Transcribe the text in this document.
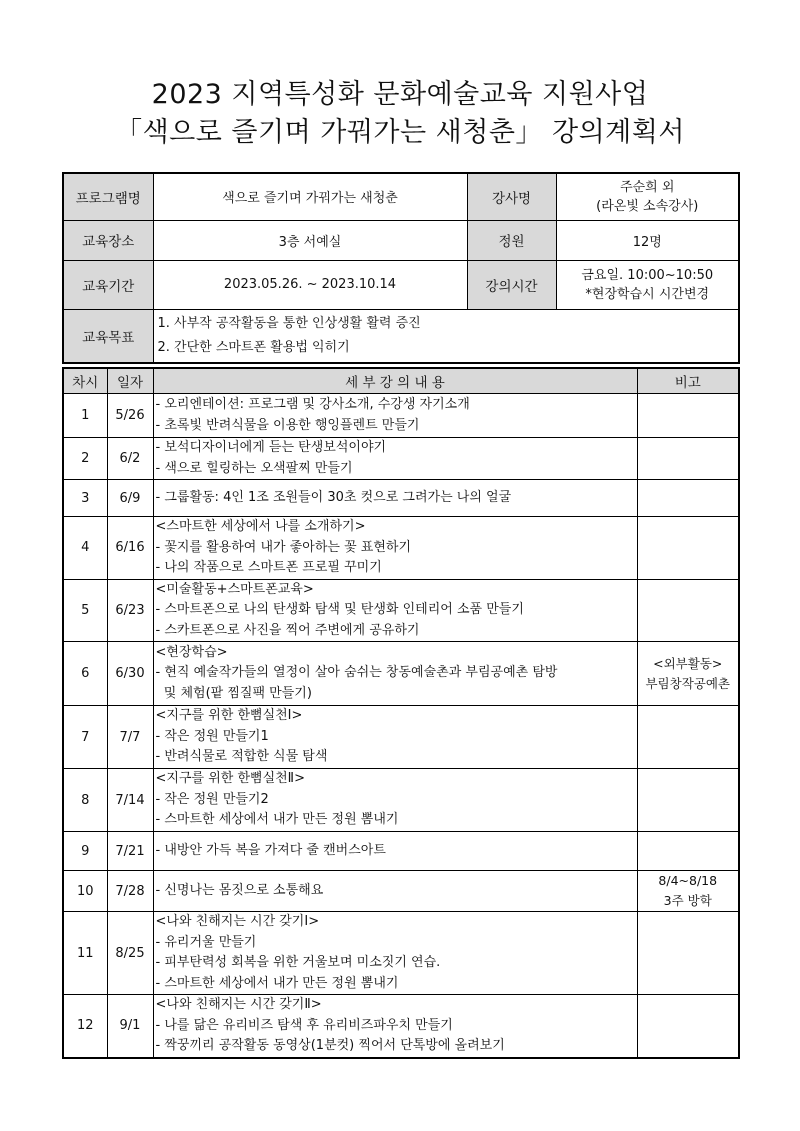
2023 지역특성화 문화예술교육 지원사업
「색으로 즐기며 가꿔가는 새청춘」 강의계획서
프로그램명	색으로 즐기며 가꿔가는 새청춘	강사명	주순희 외
(라온빛 소속강사)

교육장소	3층 서예실	정원	12명
교육기간	2023.05.26. ~ 2023.10.14	강의시간	금요일. 10:00~10:50
*현장학습시 시간변경

교육목표	1. 사부작 공작활동을 통한 인상생활 활력 증진
2. 간단한 스마트폰 활용법 익히기		
차시	일자	세 부 강 의 내 용	비고
1	5/26	- 오리엔테이션: 프로그램 및 강사소개, 수강생 자기소개
- 초록빛 반려식물을 이용한 행잉플렌트 만들기	

2	6/2	- 보석디자이너에게 듣는 탄생보석이야기
- 색으로 힐링하는 오색팔찌 만들기	

3	6/9	- 그룹활동: 4인 1조 조원들이 30초 컷으로 그려가는 나의 얼굴	

4	6/16	<스마트한 세상에서 나를 소개하기>
- 꽃지를 활용하여 내가 좋아하는 꽃 표현하기
- 나의 작품으로 스마트폰 프로필 꾸미기	

5	6/23	<미술활동+스마트폰교육>
- 스마트폰으로 나의 탄생화 탐색 및 탄생화 인테리어 소품 만들기
- 스카트폰으로 사진을 찍어 주변에게 공유하기	

6	6/30	<현장학습>
- 현직 예술작가들의 열정이 살아 숨쉬는 창동예술촌과 부림공예촌 탐방
및 체험(팥 찜질팩 만들기)	<외부활동>
부림창작공예촌

7	7/7	<지구를 위한 한뼘실천Ⅰ>
- 작은 정원 만들기1
- 반려식물로 적합한 식물 탐색	

8	7/14	<지구를 위한 한뼘실천Ⅱ>
- 작은 정원 만들기2
- 스마트한 세상에서 내가 만든 정원 뽐내기	

9	7/21	- 내방안 가득 복을 가져다 줄 캔버스아트	

10	7/28	- 신명나는 몸짓으로 소통해요	8/4~8/18
3주 방학

11	8/25	<나와 친해지는 시간 갖기Ⅰ>
- 유리거울 만들기
- 피부탄력성 회복을 위한 거울보며 미소짓기 연습.
- 스마트한 세상에서 내가 만든 정원 뽐내기	

12	9/1	<나와 친해지는 시간 갖기Ⅱ>
- 나를 닮은 유리비즈 탐색 후 유리비즈파우치 만들기
- 짝꿍끼리 공작활동 동영상(1분컷) 찍어서 단톡방에 올려보기	
